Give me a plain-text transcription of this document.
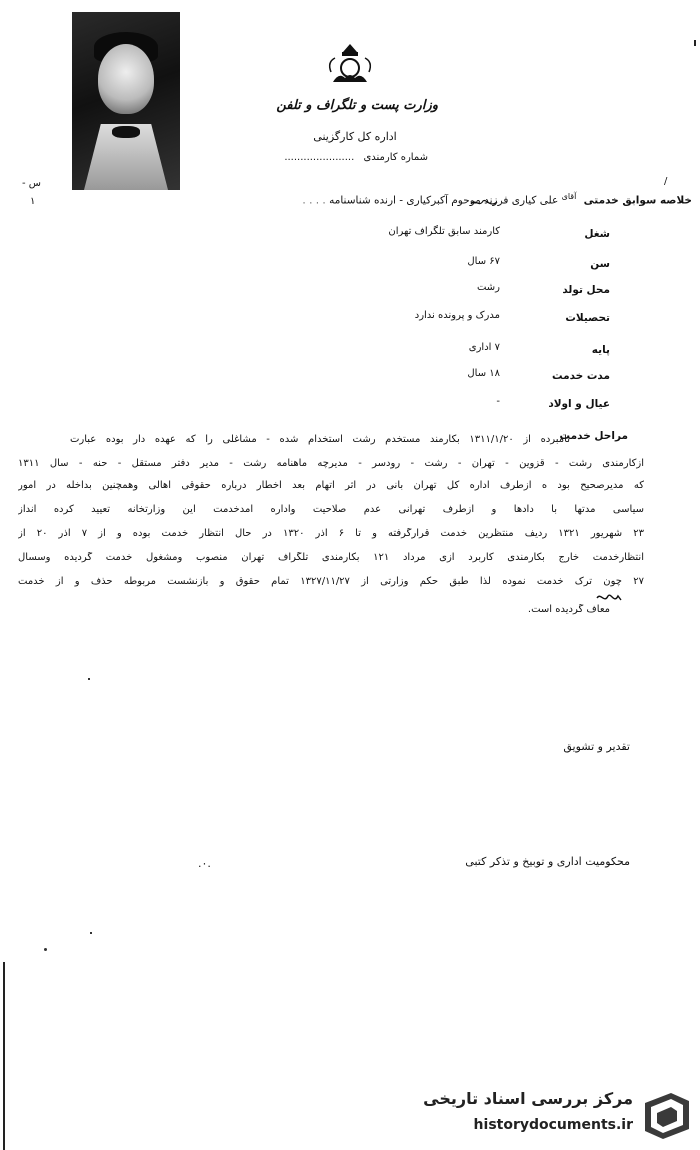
وزارت پست و تلگراف و تلفن
اداره کل کارگزینی
شماره کارمندی ......................
- س
۱
/
خلاصه سوابق خدمتی $^{آقای}$ علی کیاری فرزند موحوم آکبرکیاری - ارنده شناسنامه . . . .
شغل
کارمند سابق تلگراف تهران
سن
۶۷ سال
محل تولد
رشت
تحصیلات
مدرک و پرونده ندارد
پایه
۷ اداری
مدت خدمت
۱۸ سال
عیال و اولاد
-
مراحل خدمت
نامبرده از ۱۳۱۱/۱/۲۰ بکارمند مستخدم رشت استخدام شده - مشاغلی را که عهده دار بوده عبارت
ازکارمندی رشت - قزوین - تهران - رشت - رودسر - مدیرچه ماهنامه رشت - مدیر دفتر مستقل - حنه - سال ۱۳۱۱
که مدیرصحیح بود ه ازطرف اداره کل تهران بانی در اثر اتهام بعد اخطار درباره حقوقی اهالی وهمچنین بداخله در امور
سیاسی مدتها با دادها و ازطرف تهرانی عدم صلاحیت واداره امدخدمت این وزارتخانه تعیید کرده انداز
۲۳ شهریور ۱۳۲۱ ردیف منتظرین خدمت قرارگرفته و تا ۶ آذر ۱۳۲۰ در حال انتظار خدمت بوده و از ۷ آذر ۲۰ از
انتظارخدمت خارج بکارمندی کاربرد ازی مرداد ۱۲۱ بکارمندی تلگراف تهران منصوب ومشغول خدمت گردیده وسسال
۲۷ چون ترک خدمت نموده لذا طبق حکم وزارتی از ۱۳۲۷/۱۱/۲۷ تمام حقوق و بازنشست مربوطه حذف و از خدمت
معاف گردیده است.
تقدیر و تشویق
محکومیت اداری و توبیخ و تذکر کتبی
.۰.
مرکز بررسی اسناد تاریخی
historydocuments.ir
